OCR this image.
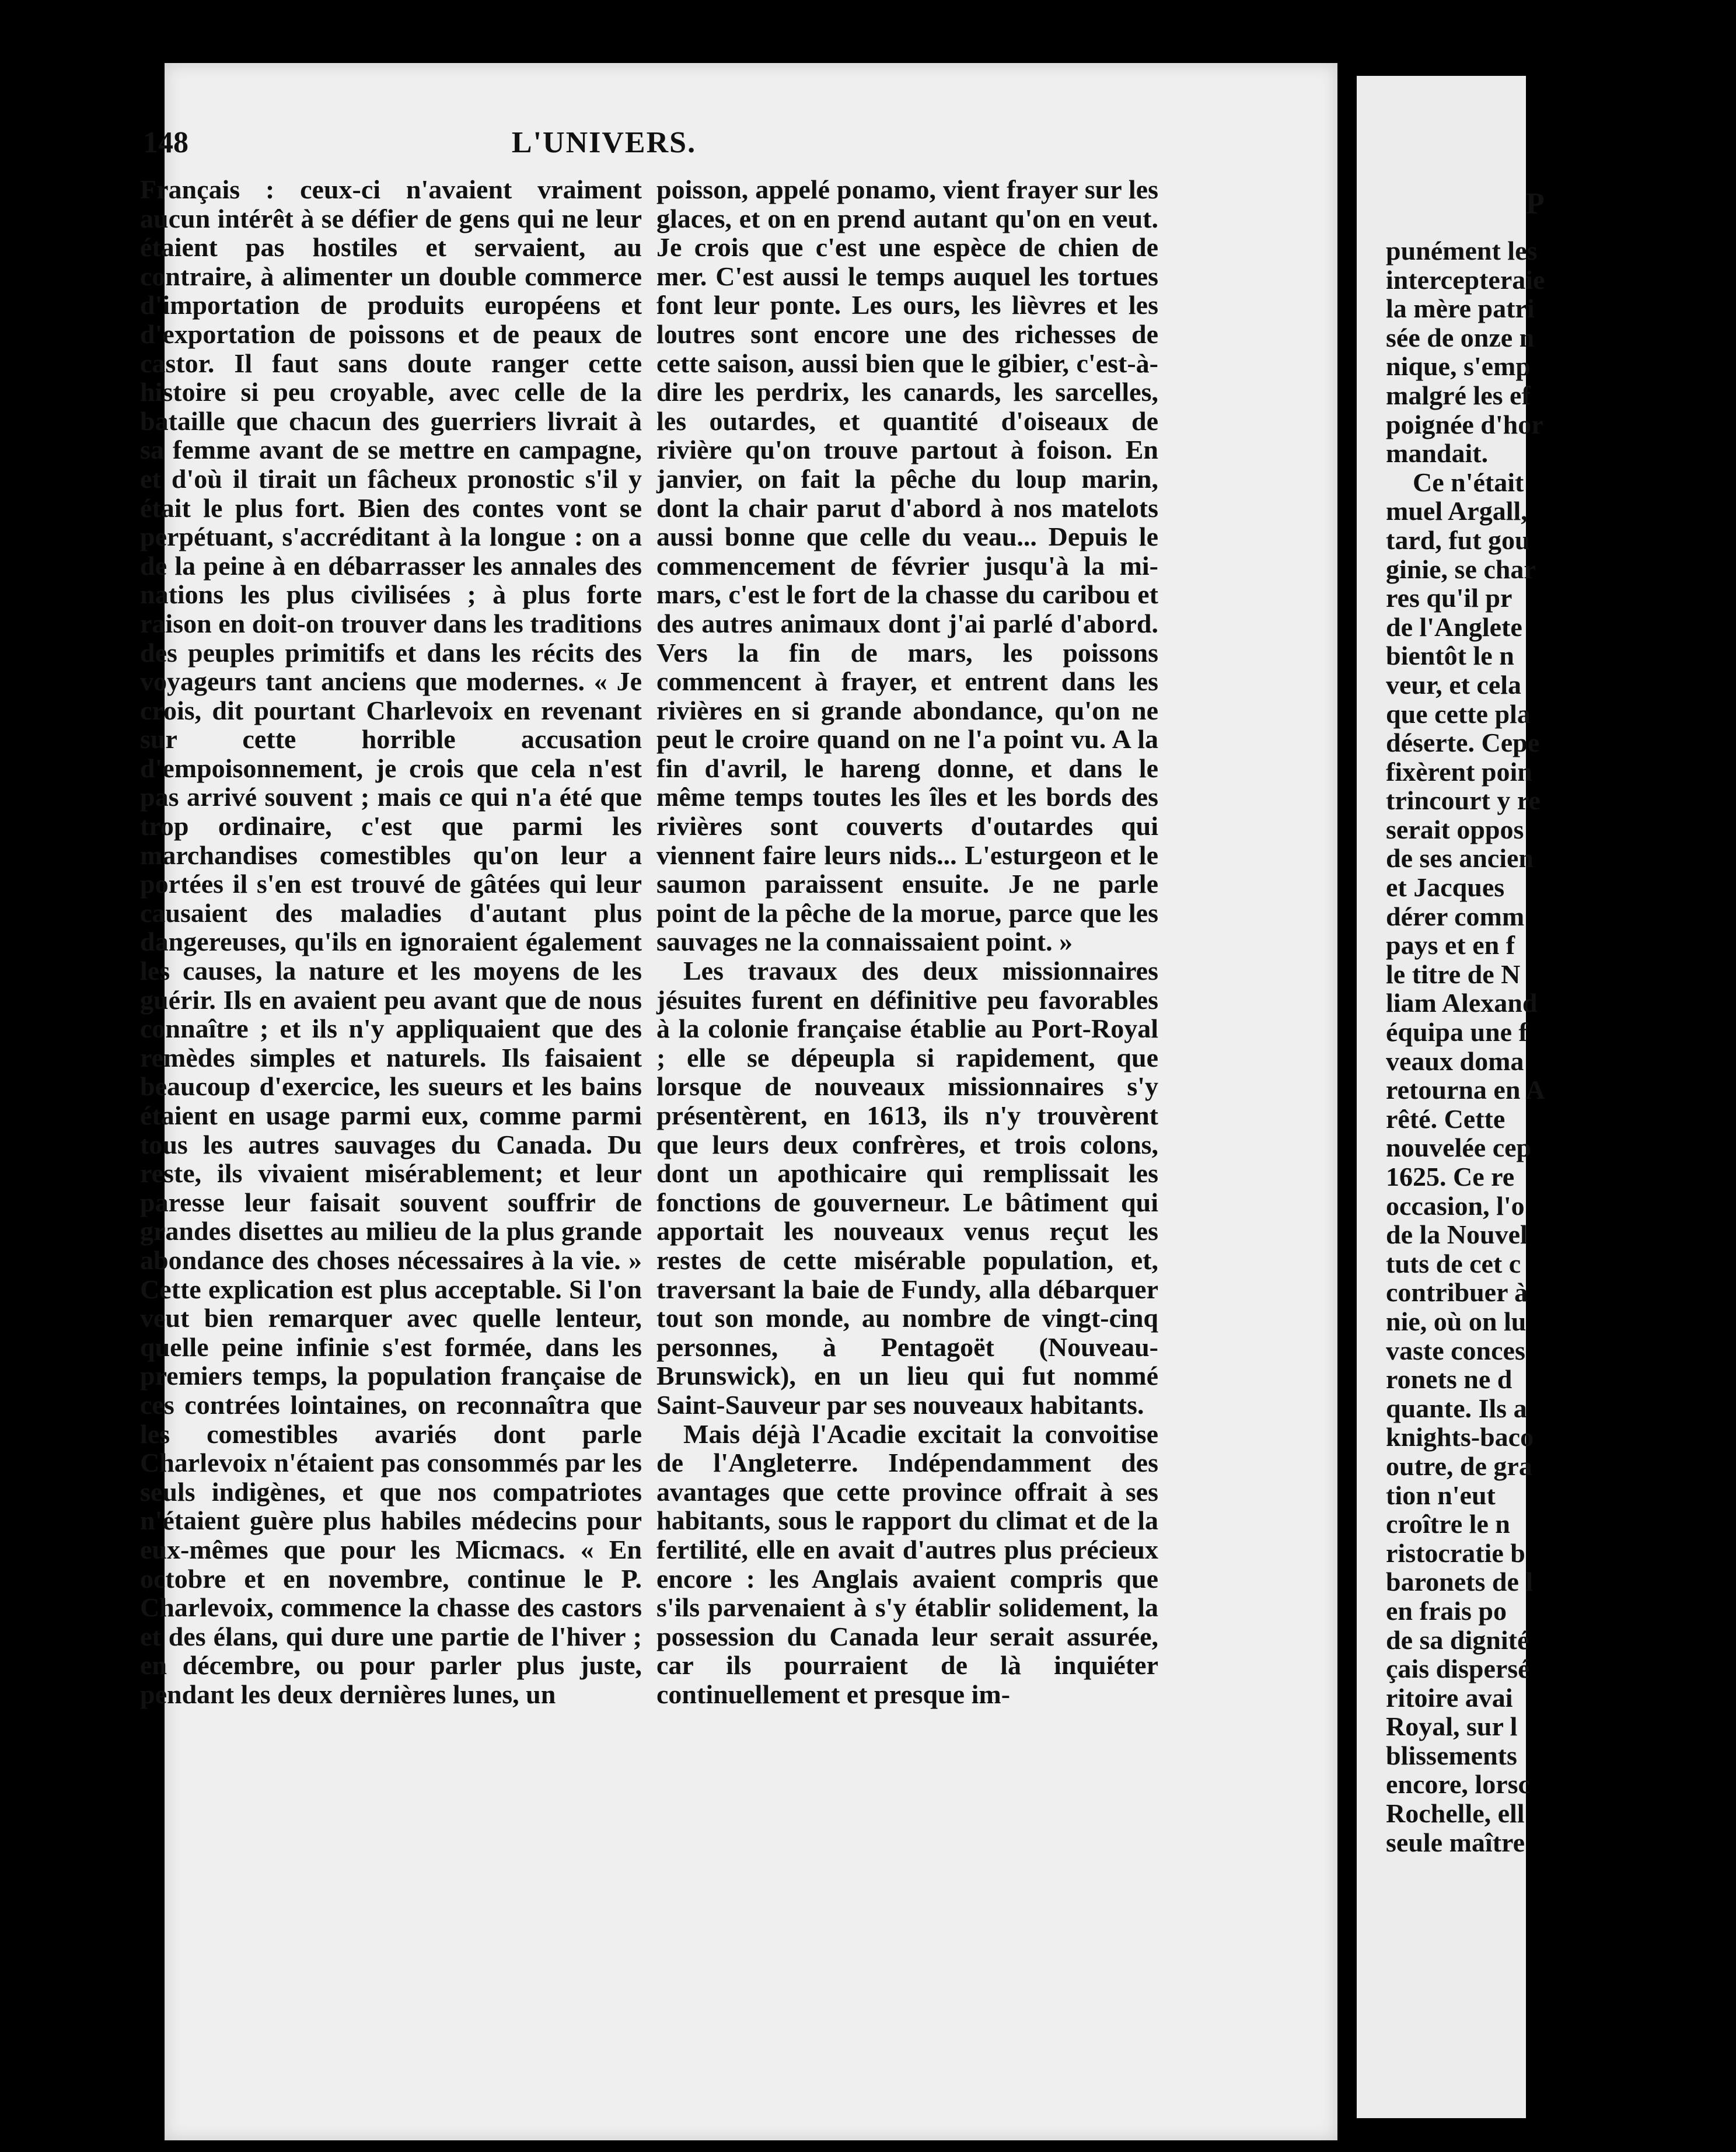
148	L'UNIVERS.

Français : ceux-ci n'avaient vraiment aucun intérêt à se défier de gens qui ne leur étaient pas hostiles et servaient, au contraire, à alimenter un double commerce d'importation de produits européens et d'exportation de poissons et de peaux de castor. Il faut sans doute ranger cette histoire si peu croyable, avec celle de la bataille que chacun des guerriers livrait à sa femme avant de se mettre en campagne, et d'où il tirait un fâcheux pronostic s'il y était le plus fort. Bien des contes vont se perpétuant, s'accréditant à la longue : on a de la peine à en débarrasser les annales des nations les plus civilisées ; à plus forte raison en doit-on trouver dans les traditions des peuples primitifs et dans les récits des voyageurs tant anciens que modernes. « Je crois, dit pourtant Charlevoix en revenant sur cette horrible accusation d'empoisonnement, je crois que cela n'est pas arrivé souvent ; mais ce qui n'a été que trop ordinaire, c'est que parmi les marchandises comestibles qu'on leur a portées il s'en est trouvé de gâtées qui leur causaient des maladies d'autant plus dangereuses, qu'ils en ignoraient également les causes, la nature et les moyens de les guérir. Ils en avaient peu avant que de nous connaître ; et ils n'y appliquaient que des remèdes simples et naturels. Ils faisaient beaucoup d'exercice, les sueurs et les bains étaient en usage parmi eux, comme parmi tous les autres sauvages du Canada. Du reste, ils vivaient misérablement; et leur paresse leur faisait souvent souffrir de grandes disettes au milieu de la plus grande abondance des choses nécessaires à la vie. » Cette explication est plus acceptable. Si l'on veut bien remarquer avec quelle lenteur, quelle peine infinie s'est formée, dans les premiers temps, la population française de ces contrées lointaines, on reconnaîtra que les comestibles avariés dont parle Charlevoix n'étaient pas consommés par les seuls indigènes, et que nos compatriotes n'étaient guère plus habiles médecins pour eux-mêmes que pour les Micmacs. « En octobre et en novembre, continue le P. Charlevoix, commence la chasse des castors et des élans, qui dure une partie de l'hiver ; en décembre, ou pour parler plus juste, pendant les deux dernières lunes, un

poisson, appelé ponamo, vient frayer sur les glaces, et on en prend autant qu'on en veut. Je crois que c'est une espèce de chien de mer. C'est aussi le temps auquel les tortues font leur ponte. Les ours, les lièvres et les loutres sont encore une des richesses de cette saison, aussi bien que le gibier, c'est-à-dire les perdrix, les canards, les sarcelles, les outardes, et quantité d'oiseaux de rivière qu'on trouve partout à foison. En janvier, on fait la pêche du loup marin, dont la chair parut d'abord à nos matelots aussi bonne que celle du veau... Depuis le commencement de février jusqu'à la mi-mars, c'est le fort de la chasse du caribou et des autres animaux dont j'ai parlé d'abord. Vers la fin de mars, les poissons commencent à frayer, et entrent dans les rivières en si grande abondance, qu'on ne peut le croire quand on ne l'a point vu. A la fin d'avril, le hareng donne, et dans le même temps toutes les îles et les bords des rivières sont couverts d'outardes qui viennent faire leurs nids... L'esturgeon et le saumon paraissent ensuite. Je ne parle point de la pêche de la morue, parce que les sauvages ne la connaissaient point. »

Les travaux des deux missionnaires jésuites furent en définitive peu favorables à la colonie française établie au Port-Royal ; elle se dépeupla si rapidement, que lorsque de nouveaux missionnaires s'y présentèrent, en 1613, ils n'y trouvèrent que leurs deux confrères, et trois colons, dont un apothicaire qui remplissait les fonctions de gouverneur. Le bâtiment qui apportait les nouveaux venus reçut les restes de cette misérable population, et, traversant la baie de Fundy, alla débarquer tout son monde, au nombre de vingt-cinq personnes, à Pentagoët (Nouveau-Brunswick), en un lieu qui fut nommé Saint-Sauveur par ses nouveaux habitants.

Mais déjà l'Acadie excitait la convoitise de l'Angleterre. Indépendamment des avantages que cette province offrait à ses habitants, sous le rapport du climat et de la fertilité, elle en avait d'autres plus précieux encore : les Anglais avaient compris que s'ils parvenaient à s'y établir solidement, la possession du Canada leur serait assurée, car ils pourraient de là inquiéter continuellement et presque im-

P
punément les
intercepteraie
la mère patri
sée de onze n
nique, s'emp
malgré les ef
poignée d'hor
mandait.
Ce n'était
muel Argall,
tard, fut gou
ginie, se char
res qu'il pr
de l'Anglete
bientôt le n
veur, et cela
que cette pla
déserte. Cepe
fixèrent poin
trincourt y re
serait oppos
de ses ancien
et Jacques
dérer comm
pays et en f
le titre de N
liam Alexand
équipa une f
veaux doma
retourna en A
rêté. Cette
nouvelée cep
1625. Ce re
occasion, l'o
de la Nouvel
tuts de cet c
contribuer à
nie, où on lu
vaste conces
ronets ne d
quante. Ils a
knights-baco
outre, de gra
tion n'eut
croître le n
ristocratie b
baronets de l
en frais po
de sa dignité
çais dispersé
ritoire avai
Royal, sur l
blissements
encore, lorsc
Rochelle, ell
seule maître
